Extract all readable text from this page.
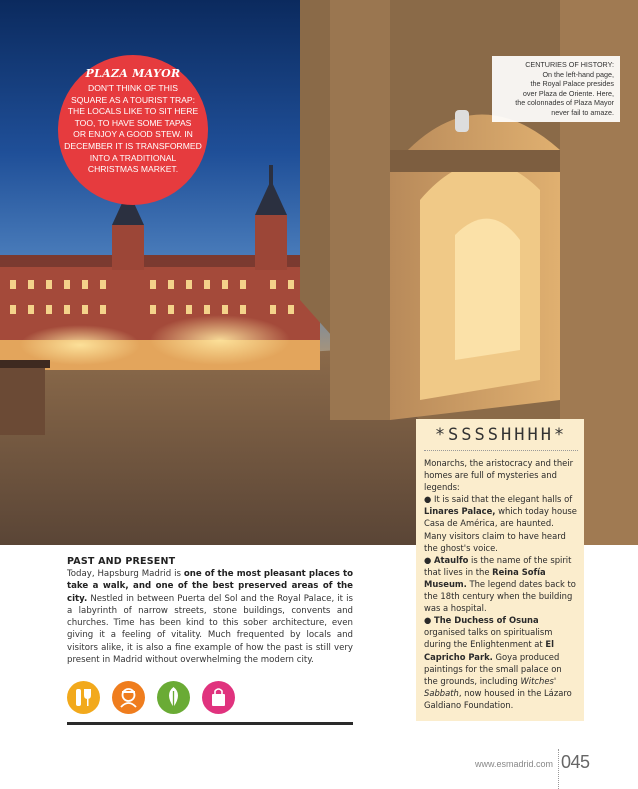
PLAZA MAYOR
DON'T THINK OF THIS
SQUARE AS A TOURIST TRAP:
THE LOCALS LIKE TO SIT HERE
TOO, TO HAVE SOME TAPAS
OR ENJOY A GOOD STEW. IN
DECEMBER IT IS TRANSFORMED
INTO A TRADITIONAL
CHRISTMAS MARKET.
CENTURIES OF HISTORY:
On the left-hand page,
the Royal Palace presides
over Plaza de Oriente. Here,
the colonnades of Plaza Mayor
never fail to amaze.
*SSSSHHHH*

Monarchs, the aristocracy and their homes are full of mysteries and legends:

● It is said that the elegant halls of Linares Palace, which today house Casa de América, are haunted. Many visitors claim to have heard the ghost's voice.

● Ataulfo is the name of the spirit that lives in the Reina Sofía Museum. The legend dates back to the 18th century when the building was a hospital.

● The Duchess of Osuna organised talks on spiritualism during the Enlightenment at El Capricho Park. Goya produced paintings for the small palace on the grounds, including Witches' Sabbath, now housed in the Lázaro Galdiano Foundation.

PAST AND PRESENT
Today, Hapsburg Madrid is one of the most pleasant places to take a walk, and one of the best preserved areas of the city. Nestled in between Puerta del Sol and the Royal Palace, it is a labyrinth of narrow streets, stone buildings, convents and churches. Time has been kind to this sober architecture, even giving it a feeling of vitality. Much frequented by locals and visitors alike, it is also a fine example of how the past is still very present in Madrid without overwhelming the modern city.
www.esmadrid.com 045
